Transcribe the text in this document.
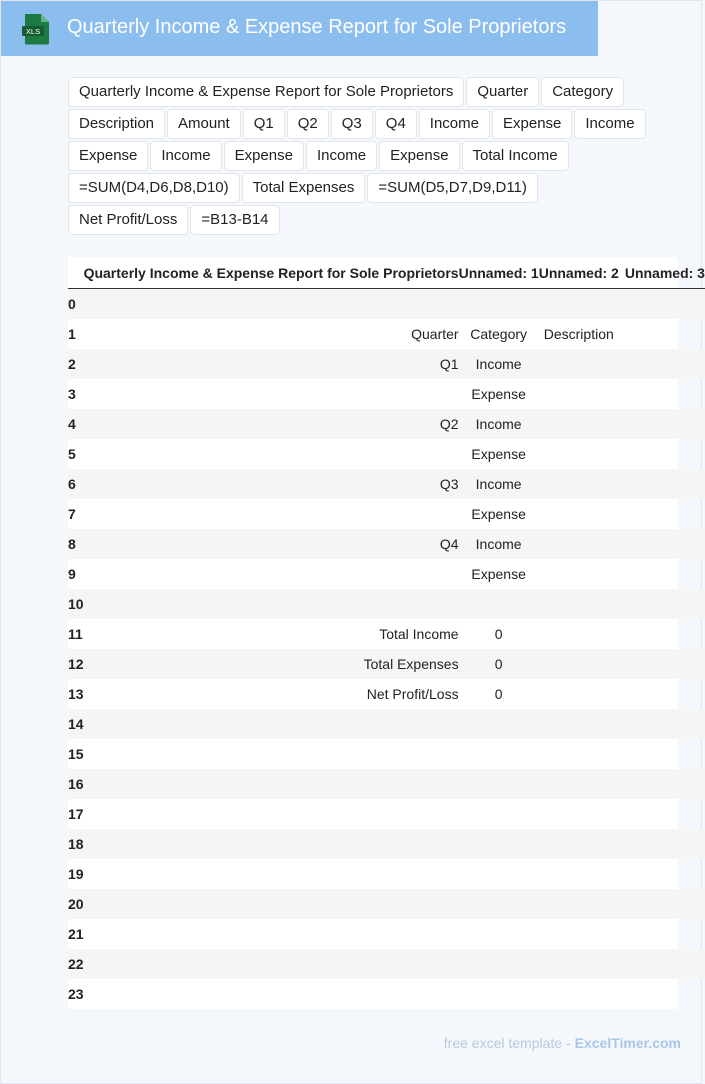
XLS Quarterly Income & Expense Report for Sole Proprietors
Quarterly Income & Expense Report for Sole Proprietors	Quarter	Category
Description	Amount	Q1	Q2	Q3	Q4	Income	Expense	Income
Expense	Income	Expense	Income	Expense	Total Income
=SUM(D4,D6,D8,D10)	Total Expenses	=SUM(D5,D7,D9,D11)
Net Profit/Loss	=B13-B14
	Quarterly Income & Expense Report for Sole Proprietors	Unnamed: 1	Unnamed: 2	Unnamed: 3
0				
1	Quarter	Category	Description	
2	Q1	Income		
3		Expense		
4	Q2	Income		
5		Expense		
6	Q3	Income		
7		Expense		
8	Q4	Income		
9		Expense		
10				
11	Total Income	0		
12	Total Expenses	0		
13	Net Profit/Loss	0		
14				
15				
16				
17				
18				
19				
20				
21				
22				
23				
free excel template - ExcelTimer.com
